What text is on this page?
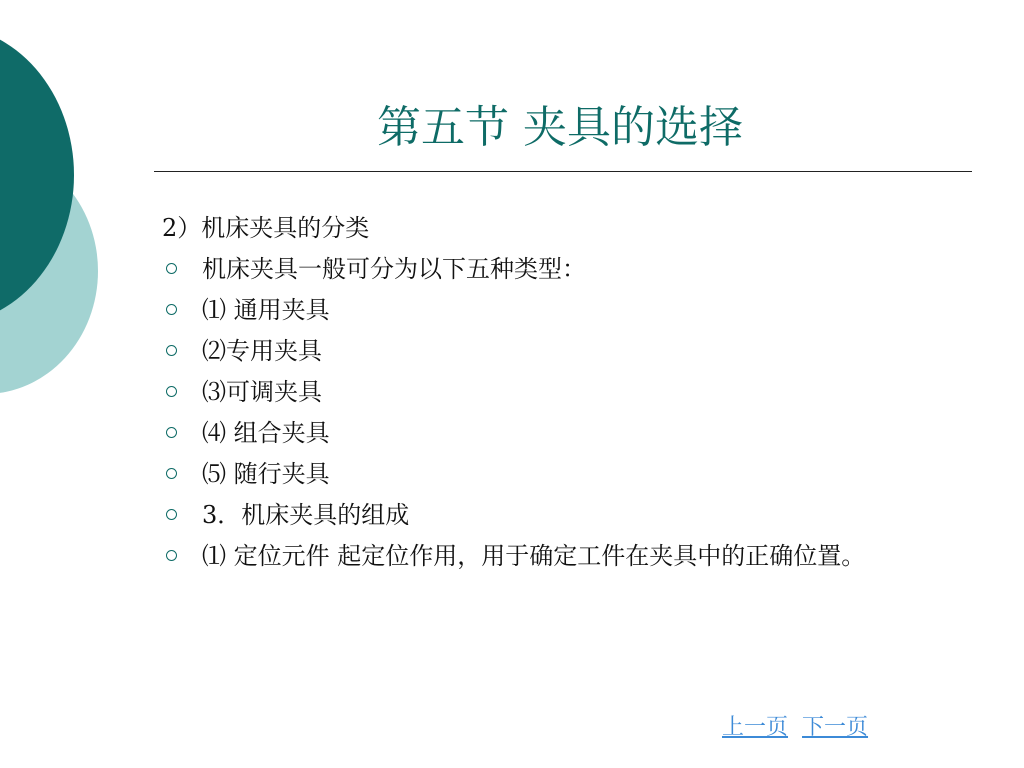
第五节 夹具的选择
2）机床夹具的分类
机床夹具一般可分为以下五种类型：
⑴ 通用夹具
⑵专用夹具
⑶可调夹具
⑷ 组合夹具
⑸ 随行夹具
3．机床夹具的组成
⑴ 定位元件 起定位作用，用于确定工件在夹具中的正确位置。
上一页 下一页
